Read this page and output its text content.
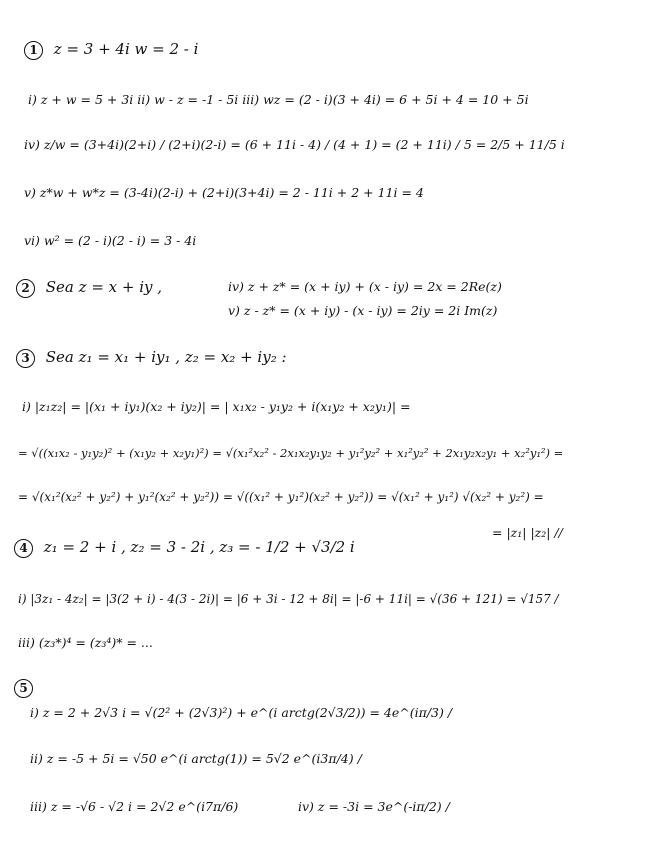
1 z = 3 + 4i w = 2 - i
i) z + w = 5 + 3i ii) w - z = -1 - 5i iii) wz = (2 - i)(3 + 4i) = 6 + 5i + 4 = 10 + 5i
iv) z/w = (3+4i)(2+i) / (2+i)(2-i) = (6 + 11i - 4) / (4 + 1) = (2 + 11i) / 5 = 2/5 + 11/5 i
v) z*w + w*z = (3-4i)(2-i) + (2+i)(3+4i) = 2 - 11i + 2 + 11i = 4
vi) w² = (2 - i)(2 - i) = 3 - 4i
2 Sea z = x + iy ,	iv) z + z* = (x + iy) + (x - iy) = 2x = 2Re(z)
v) z - z* = (x + iy) - (x - iy) = 2iy = 2i Im(z)
3 Sea z₁ = x₁ + iy₁ , z₂ = x₂ + iy₂ :
i) |z₁z₂| = |(x₁ + iy₁)(x₂ + iy₂)| = | x₁x₂ - y₁y₂ + i(x₁y₂ + x₂y₁)| =
= √((x₁x₂ - y₁y₂)² + (x₁y₂ + x₂y₁)²) = √(x₁²x₂² - 2x₁x₂y₁y₂ + y₁²y₂² + x₁²y₂² + 2x₁y₂x₂y₁ + x₂²y₁²) =
= √(x₁²(x₂² + y₂²) + y₁²(x₂² + y₂²)) = √((x₁² + y₁²)(x₂² + y₂²)) = √(x₁² + y₁²) √(x₂² + y₂²) =
= |z₁| |z₂| //
4 z₁ = 2 + i , z₂ = 3 - 2i , z₃ = - 1/2 + √3/2 i
i) |3z₁ - 4z₂| = |3(2 + i) - 4(3 - 2i)| = |6 + 3i - 12 + 8i| = |-6 + 11i| = √(36 + 121) = √157 /
iii) (z₃*)⁴ = (z₃⁴)* = ...
5
i) z = 2 + 2√3 i = √(2² + (2√3)²) + e^(i arctg(2√3/2)) = 4e^(iπ/3) /
ii) z = -5 + 5i = √50 e^(i arctg(1)) = 5√2 e^(i3π/4) /
iii) z = -√6 - √2 i = 2√2 e^(i7π/6)	iv) z = -3i = 3e^(-iπ/2) /
